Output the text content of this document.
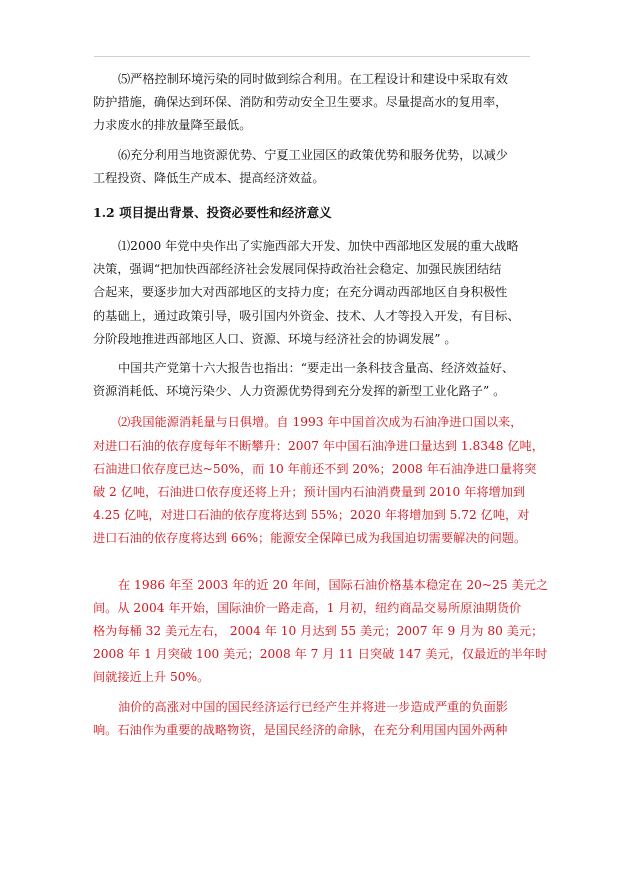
⑸严格控制环境污染的同时做到综合利用。在工程设计和建设中采取有效
防护措施，确保达到环保、消防和劳动安全卫生要求。尽量提高水的复用率，
力求废水的排放量降至最低。

⑹充分利用当地资源优势、宁夏工业园区的政策优势和服务优势，以减少
工程投资、降低生产成本、提高经济效益。

1.2 项目提出背景、投资必要性和经济意义

⑴2000 年党中央作出了实施西部大开发、加快中西部地区发展的重大战略
决策，强调“把加快西部经济社会发展同保持政治社会稳定、加强民族团结结
合起来，要逐步加大对西部地区的支持力度；在充分调动西部地区自身积极性
的基础上，通过政策引导，吸引国内外资金、技术、人才等投入开发，有目标、
分阶段地推进西部地区人口、资源、环境与经济社会的协调发展” 。

中国共产党第十六大报告也指出：“要走出一条科技含量高、经济效益好、
资源消耗低、环境污染少、人力资源优势得到充分发挥的新型工业化路子” 。

⑵我国能源消耗量与日俱增。自 1993 年中国首次成为石油净进口国以来，
对进口石油的依存度每年不断攀升：2007 年中国石油净进口量达到 1.8348 亿吨，
石油进口依存度已达~50%，而 10 年前还不到 20%；2008 年石油净进口量将突
破 2 亿吨，石油进口依存度还将上升；预计国内石油消费量到 2010 年将增加到
4.25 亿吨，对进口石油的依存度将达到 55%；2020 年将增加到 5.72 亿吨，对
进口石油的依存度将达到 66%；能源安全保障已成为我国迫切需要解决的问题。

在 1986 年至 2003 年的近 20 年间，国际石油价格基本稳定在 20~25 美元之
间。从 2004 年开始，国际油价一路走高，1 月初，纽约商品交易所原油期货价
格为每桶 32 美元左右， 2004 年 10 月达到 55 美元；2007 年 9 月为 80 美元；
2008 年 1 月突破 100 美元；2008 年 7 月 11 日突破 147 美元，仅最近的半年时
间就接近上升 50%。

油价的高涨对中国的国民经济运行已经产生并将进一步造成严重的负面影
响。石油作为重要的战略物资，是国民经济的命脉，在充分利用国内国外两种
